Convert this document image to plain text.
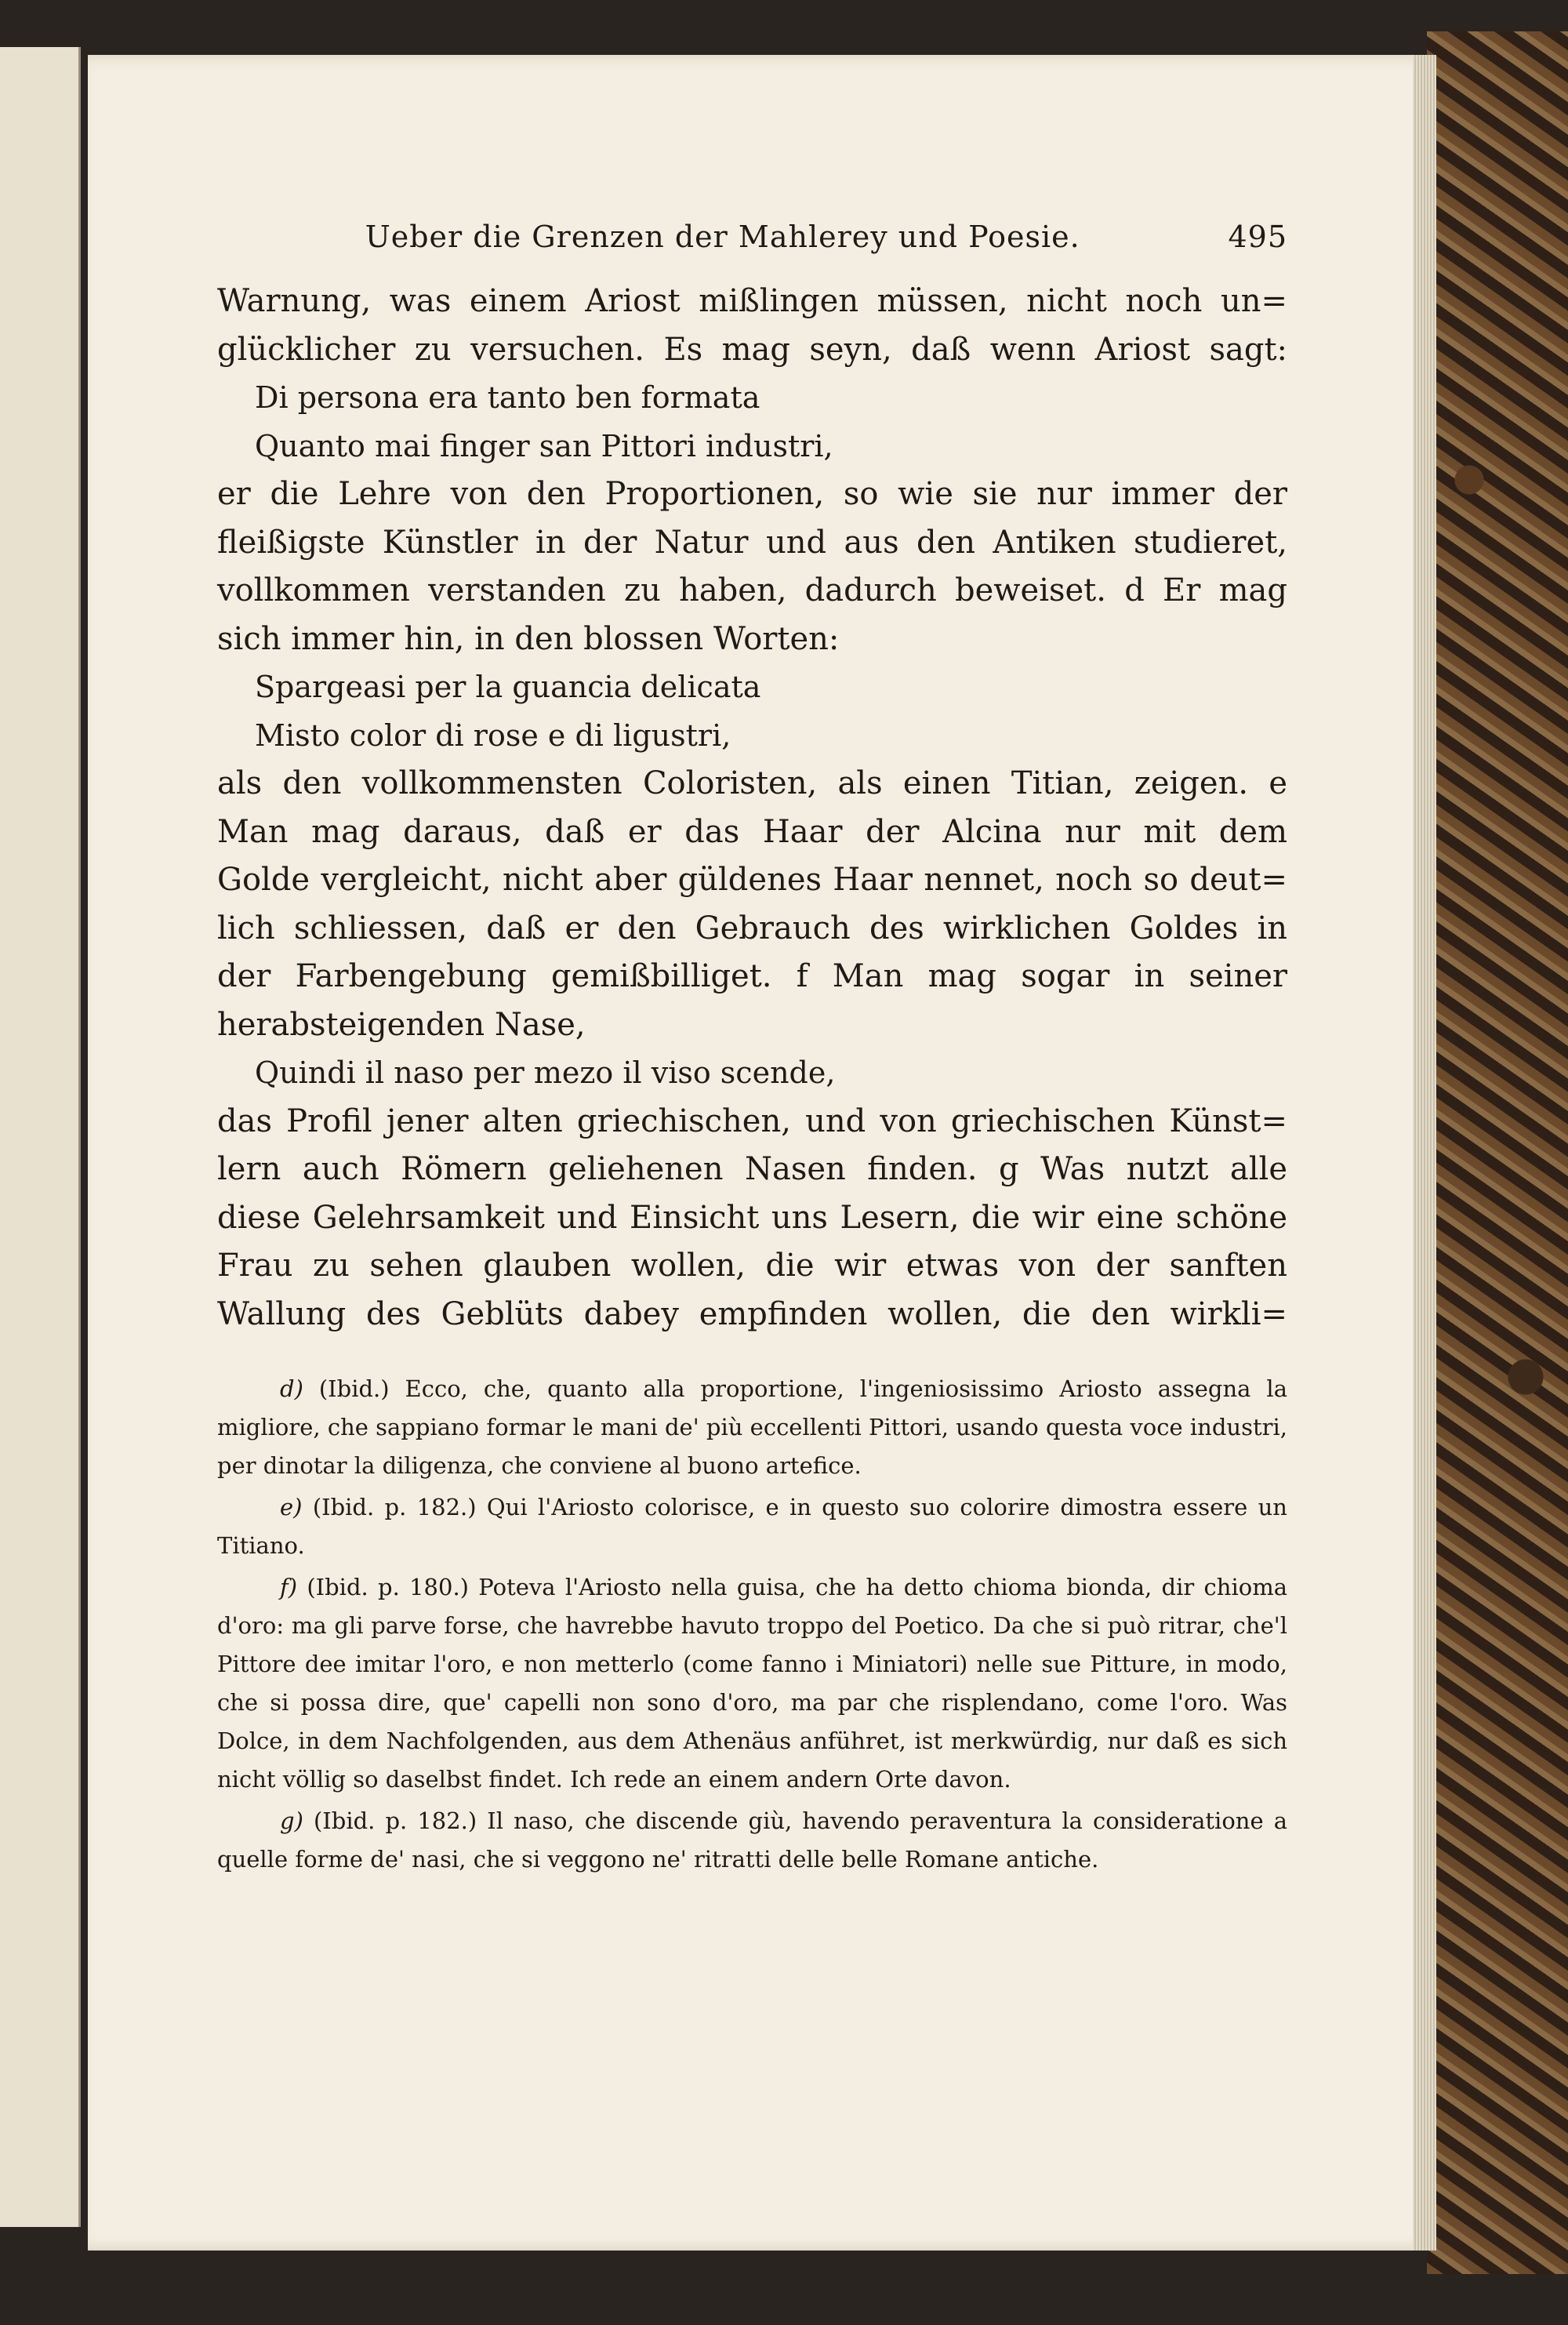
Ueber die Grenzen der Mahlerey und Poesie.	495
Warnung, was einem Ariost mißlingen müssen, nicht noch un=
glücklicher zu versuchen. Es mag seyn, daß wenn Ariost sagt:
Di persona era tanto ben formata
Quanto mai finger san Pittori industri,
er die Lehre von den Proportionen, so wie sie nur immer der
fleißigste Künstler in der Natur und aus den Antiken studieret,
vollkommen verstanden zu haben, dadurch beweiset. d Er mag
sich immer hin, in den blossen Worten:
Spargeasi per la guancia delicata
Misto color di rose e di ligustri,
als den vollkommensten Coloristen, als einen Titian, zeigen. e
Man mag daraus, daß er das Haar der Alcina nur mit dem
Golde vergleicht, nicht aber güldenes Haar nennet, noch so deut=
lich schliessen, daß er den Gebrauch des wirklichen Goldes in
der Farbengebung gemißbilliget. f Man mag sogar in seiner
herabsteigenden Nase,
Quindi il naso per mezo il viso scende,
das Profil jener alten griechischen, und von griechischen Künst=
lern auch Römern geliehenen Nasen finden. g Was nutzt alle
diese Gelehrsamkeit und Einsicht uns Lesern, die wir eine schöne
Frau zu sehen glauben wollen, die wir etwas von der sanften
Wallung des Geblüts dabey empfinden wollen, die den wirkli=
d) (Ibid.) Ecco, che, quanto alla proportione, l'ingeniosissimo Ariosto assegna la migliore, che sappiano formar le mani de' più eccellenti Pittori, usando questa voce industri, per dinotar la diligenza, che conviene al buono artefice.
e) (Ibid. p. 182.) Qui l'Ariosto colorisce, e in questo suo colorire dimostra essere un Titiano.
f) (Ibid. p. 180.) Poteva l'Ariosto nella guisa, che ha detto chioma bionda, dir chioma d'oro: ma gli parve forse, che havrebbe havuto troppo del Poetico. Da che si può ritrar, che'l Pittore dee imitar l'oro, e non metterlo (come fanno i Miniatori) nelle sue Pitture, in modo, che si possa dire, que' capelli non sono d'oro, ma par che risplendano, come l'oro. Was Dolce, in dem Nachfolgenden, aus dem Athenäus anführet, ist merkwürdig, nur daß es sich nicht völlig so daselbst findet. Ich rede an einem andern Orte davon.
g) (Ibid. p. 182.) Il naso, che discende giù, havendo peraventura la consideratione a quelle forme de' nasi, che si veggono ne' ritratti delle belle Romane antiche.
